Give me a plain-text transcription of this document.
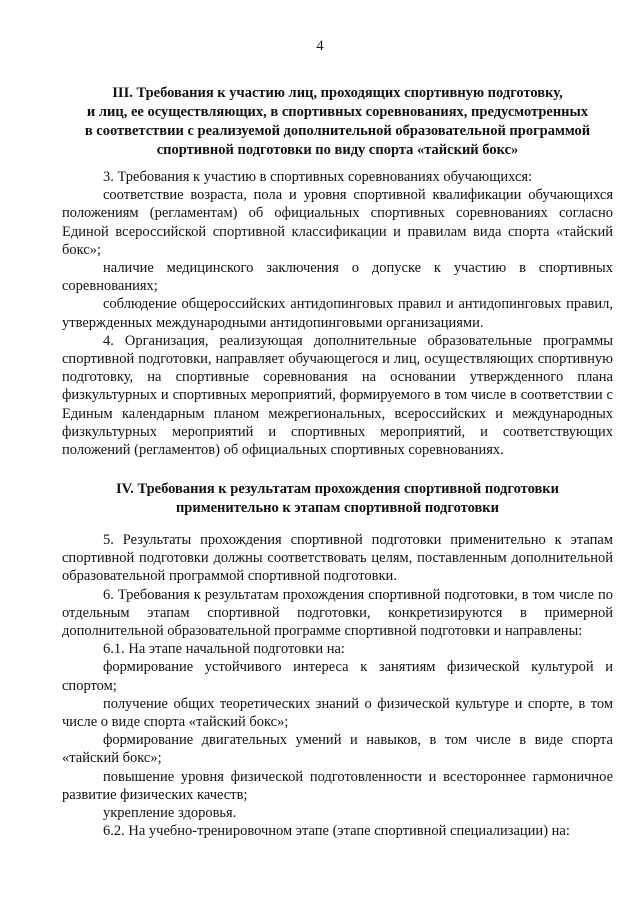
4
III. Требования к участию лиц, проходящих спортивную подготовку,
и лиц, ее осуществляющих, в спортивных соревнованиях, предусмотренных
в соответствии с реализуемой дополнительной образовательной программой
спортивной подготовки по виду спорта «тайский бокс»

3. Требования к участию в спортивных соревнованиях обучающихся:

соответствие возраста, пола и уровня спортивной квалификации обучающихся положениям (регламентам) об официальных спортивных соревнованиях согласно Единой всероссийской спортивной классификации и правилам вида спорта «тайский бокс»;

наличие медицинского заключения о допуске к участию в спортивных соревнованиях;

соблюдение общероссийских антидопинговых правил и антидопинговых правил, утвержденных международными антидопинговыми организациями.

4. Организация, реализующая дополнительные образовательные программы спортивной подготовки, направляет обучающегося и лиц, осуществляющих спортивную подготовку, на спортивные соревнования на основании утвержденного плана физкультурных и спортивных мероприятий, формируемого в том числе в соответствии с Единым календарным планом межрегиональных, всероссийских и международных физкультурных мероприятий и спортивных мероприятий, и соответствующих положений (регламентов) об официальных спортивных соревнованиях.

IV. Требования к результатам прохождения спортивной подготовки
применительно к этапам спортивной подготовки

5. Результаты прохождения спортивной подготовки применительно к этапам спортивной подготовки должны соответствовать целям, поставленным дополнительной образовательной программой спортивной подготовки.

6. Требования к результатам прохождения спортивной подготовки, в том числе по отдельным этапам спортивной подготовки, конкретизируются в примерной дополнительной образовательной программе спортивной подготовки и направлены:

6.1. На этапе начальной подготовки на:

формирование устойчивого интереса к занятиям физической культурой и спортом;

получение общих теоретических знаний о физической культуре и спорте, в том числе о виде спорта «тайский бокс»;

формирование двигательных умений и навыков, в том числе в виде спорта «тайский бокс»;

повышение уровня физической подготовленности и всестороннее гармоничное развитие физических качеств;

укрепление здоровья.

6.2. На учебно-тренировочном этапе (этапе спортивной специализации) на:
